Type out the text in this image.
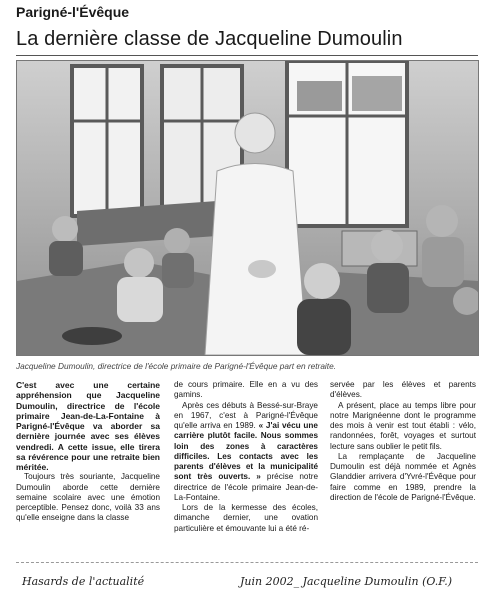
Parigné-l'Évêque
La dernière classe de Jacqueline Dumoulin
Jacqueline Dumoulin, directrice de l'école primaire de Parigné-l'Évêque part en retraite.

C'est avec une certaine appréhension que Jacqueline Dumoulin, directrice de l'école primaire Jean-de-La-Fontaine à Parigné-l'Évêque va aborder sa dernière journée avec ses élèves vendredi. A cette issue, elle tirera sa révérence pour une retraite bien méritée.

Toujours très souriante, Jacqueline Dumoulin aborde cette dernière semaine scolaire avec une émotion perceptible. Pensez donc, voilà 33 ans qu'elle enseigne dans la classe

de cours primaire. Elle en a vu des gamins.

Après ces débuts à Bessé-sur-Braye en 1967, c'est à Parigné-l'Évêque qu'elle arriva en 1989. « J'ai vécu une carrière plutôt facile. Nous sommes loin des zones à caractères difficiles. Les contacts avec les parents d'élèves et la municipalité sont très ouverts. » précise notre directrice de l'école primaire Jean-de-La-Fontaine.

Lors de la kermesse des écoles, dimanche dernier, une ovation particulière et émouvante lui a été ré-

servée par les élèves et parents d'élèves.

A présent, place au temps libre pour notre Marignéenne dont le programme des mois à venir est tout établi : vélo, randonnées, forêt, voyages et surtout lecture sans oublier le petit fils.

La remplaçante de Jacqueline Dumoulin est déjà nommée et Agnès Glanddier arrivera d'Yvré-l'Évêque pour faire comme en 1989, prendre la direction de l'école de Parigné-l'Évêque.

Hasards de l'actualité	Juin 2002_ Jacqueline Dumoulin (O.F.)
